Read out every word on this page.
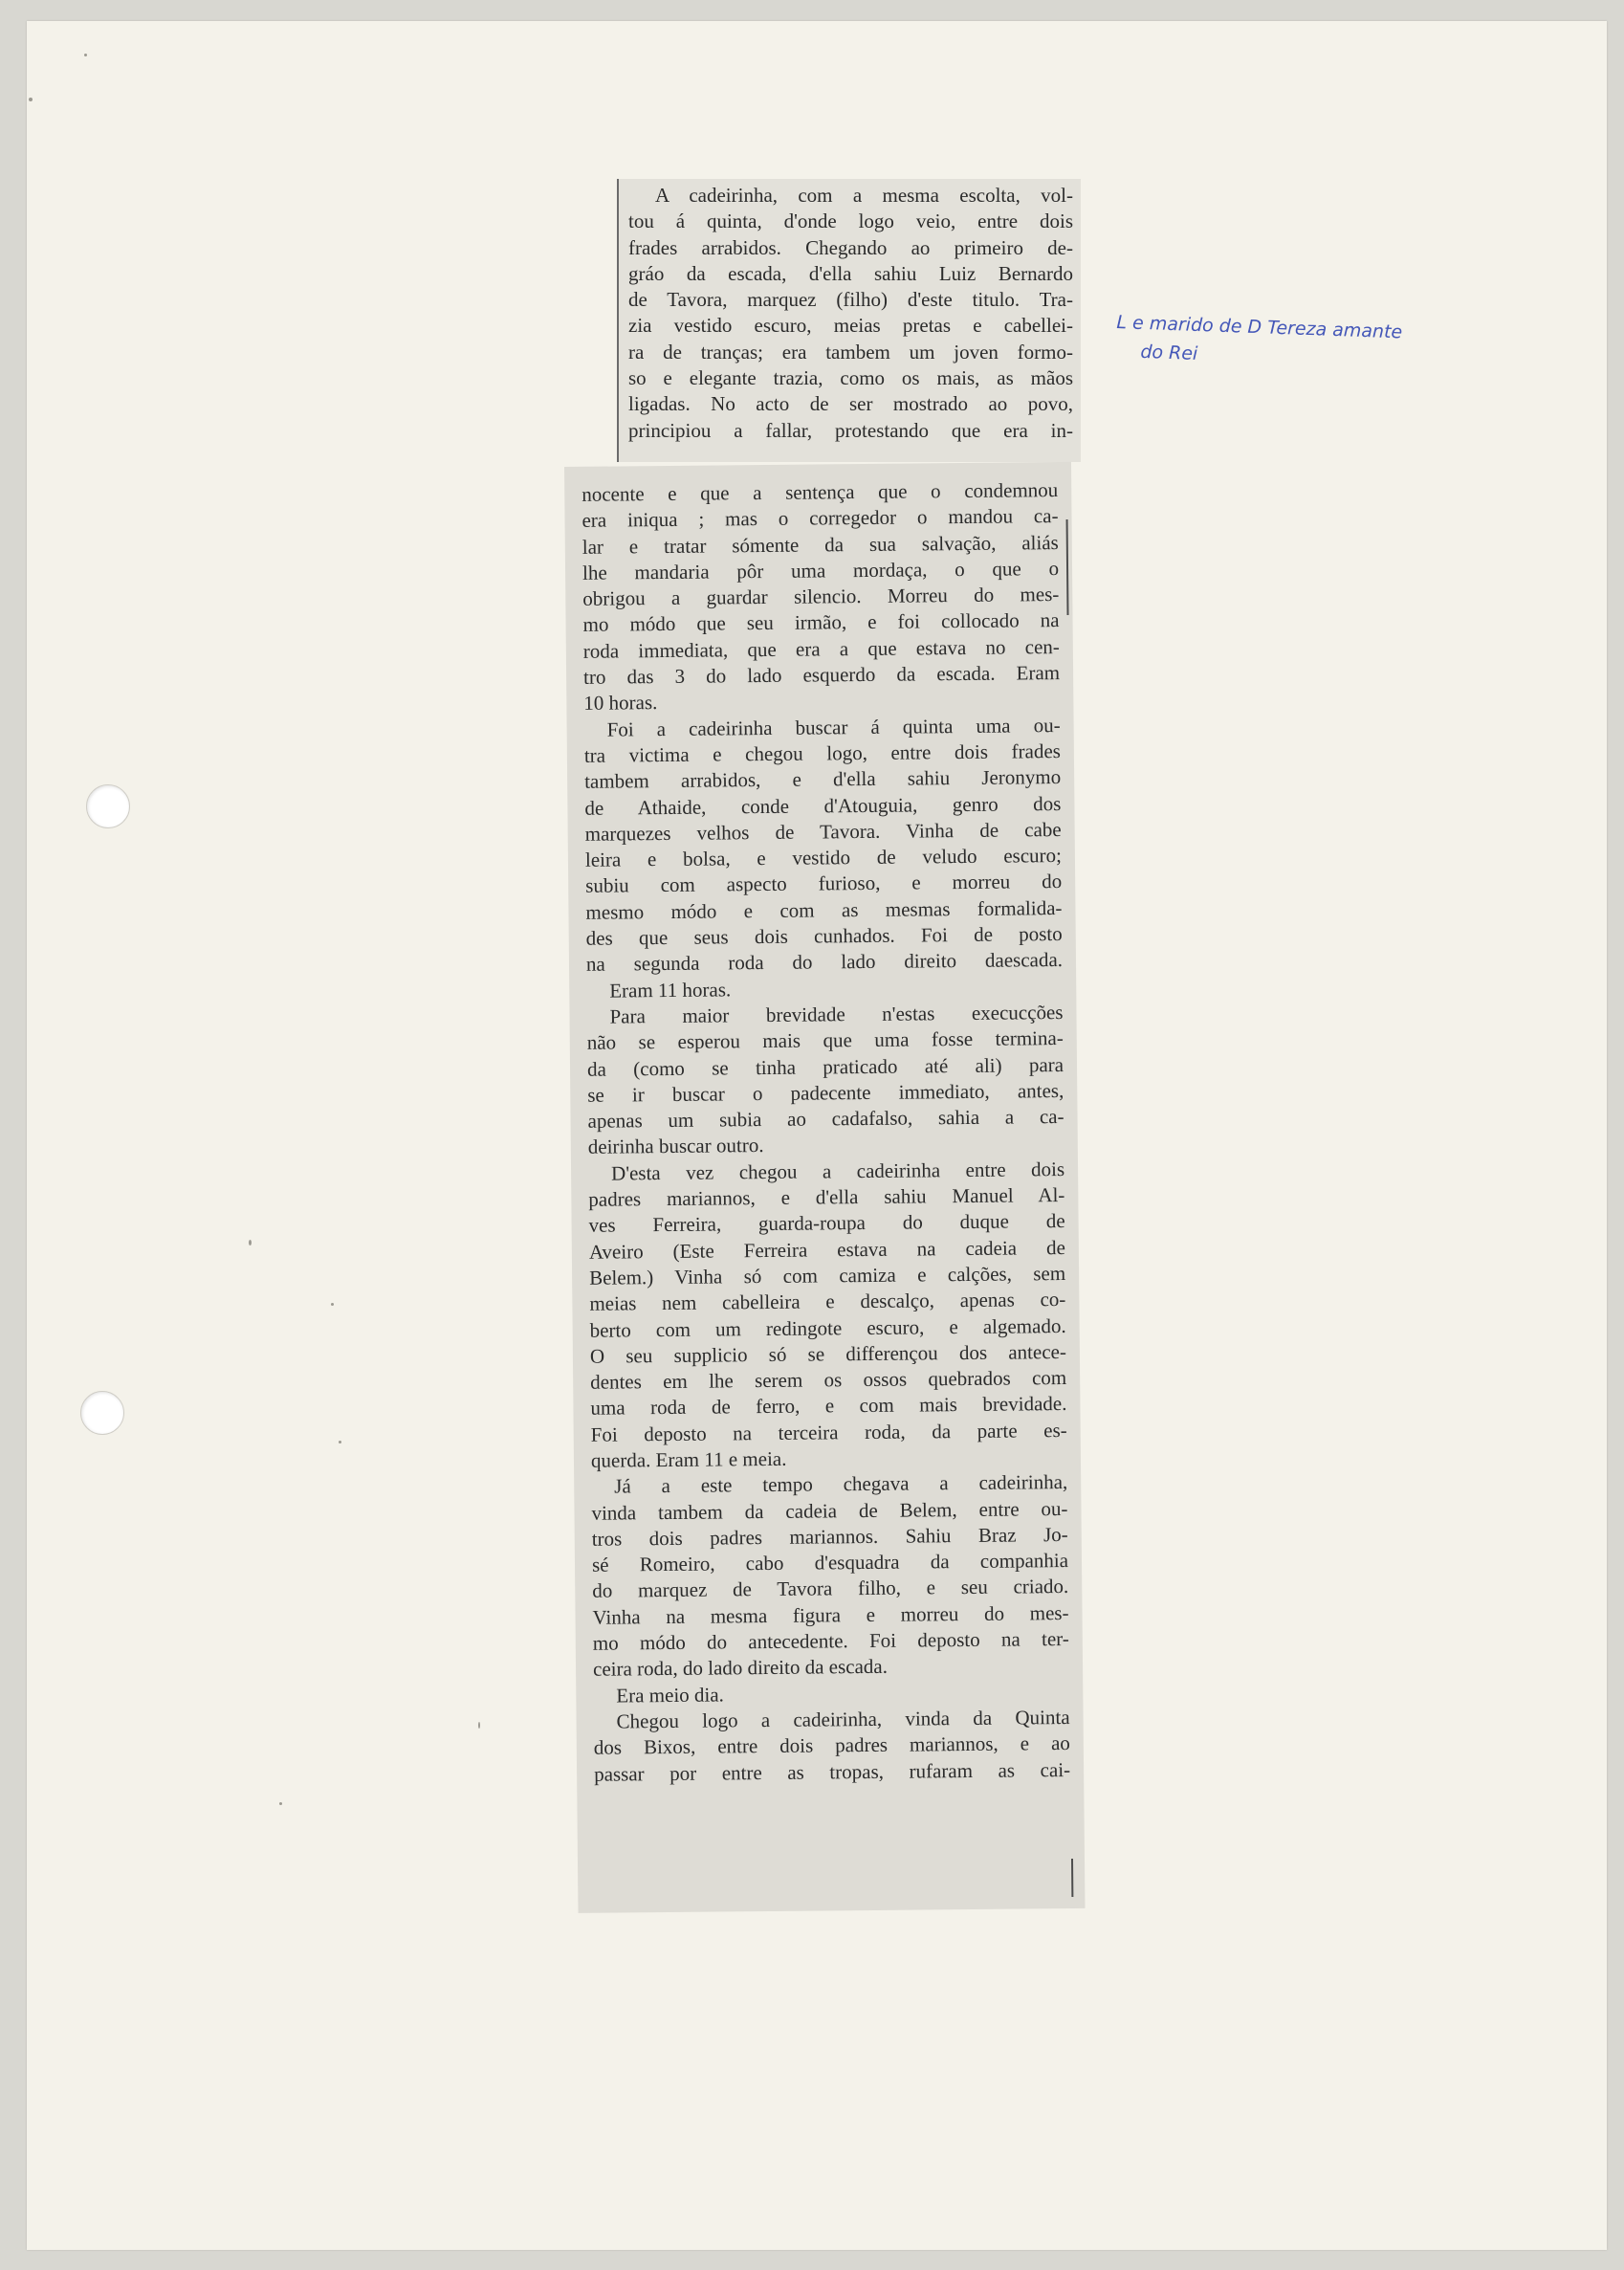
A cadeirinha, com a mesma escolta, vol-
tou á quinta, d'onde logo veio, entre dois
frades arrabidos. Chegando ao primeiro de-
gráo da escada, d'ella sahiu Luiz Bernardo
de Tavora, marquez (filho) d'este titulo. Tra-
zia vestido escuro, meias pretas e cabellei-
ra de tranças; era tambem um joven formo-
so e elegante trazia, como os mais, as mãos
ligadas. No acto de ser mostrado ao povo,
principiou a fallar, protestando que era in-
nocente e que a sentença que o condemnou
era iniqua ; mas o corregedor o mandou ca-
lar e tratar sómente da sua salvação, aliás
lhe mandaria pôr uma mordaça, o que o
obrigou a guardar silencio. Morreu do mes-
mo módo que seu irmão, e foi collocado na
roda immediata, que era a que estava no cen-
tro das 3 do lado esquerdo da escada. Eram
10 horas.
Foi a cadeirinha buscar á quinta uma ou-
tra victima e chegou logo, entre dois frades
tambem arrabidos, e d'ella sahiu Jeronymo
de Athaide, conde d'Atouguia, genro dos
marquezes velhos de Tavora. Vinha de cabe
leira e bolsa, e vestido de veludo escuro;
subiu com aspecto furioso, e morreu do
mesmo módo e com as mesmas formalida-
des que seus dois cunhados. Foi de posto
na segunda roda do lado direito daescada.
Eram 11 horas.
Para maior brevidade n'estas execucções
não se esperou mais que uma fosse termina-
da (como se tinha praticado até ali) para
se ir buscar o padecente immediato, antes,
apenas um subia ao cadafalso, sahia a ca-
deirinha buscar outro.
D'esta vez chegou a cadeirinha entre dois
padres mariannos, e d'ella sahiu Manuel Al-
ves Ferreira, guarda-roupa do duque de
Aveiro (Este Ferreira estava na cadeia de
Belem.) Vinha só com camiza e calções, sem
meias nem cabelleira e descalço, apenas co-
berto com um redingote escuro, e algemado.
O seu supplicio só se differençou dos antece-
dentes em lhe serem os ossos quebrados com
uma roda de ferro, e com mais brevidade.
Foi deposto na terceira roda, da parte es-
querda. Eram 11 e meia.
Já a este tempo chegava a cadeirinha,
vinda tambem da cadeia de Belem, entre ou-
tros dois padres mariannos. Sahiu Braz Jo-
sé Romeiro, cabo d'esquadra da companhia
do marquez de Tavora filho, e seu criado.
Vinha na mesma figura e morreu do mes-
mo módo do antecedente. Foi deposto na ter-
ceira roda, do lado direito da escada.
Era meio dia.
Chegou logo a cadeirinha, vinda da Quinta
dos Bixos, entre dois padres mariannos, e ao
passar por entre as tropas, rufaram as cai-
L e marido de D Tereza amante
do Rei
